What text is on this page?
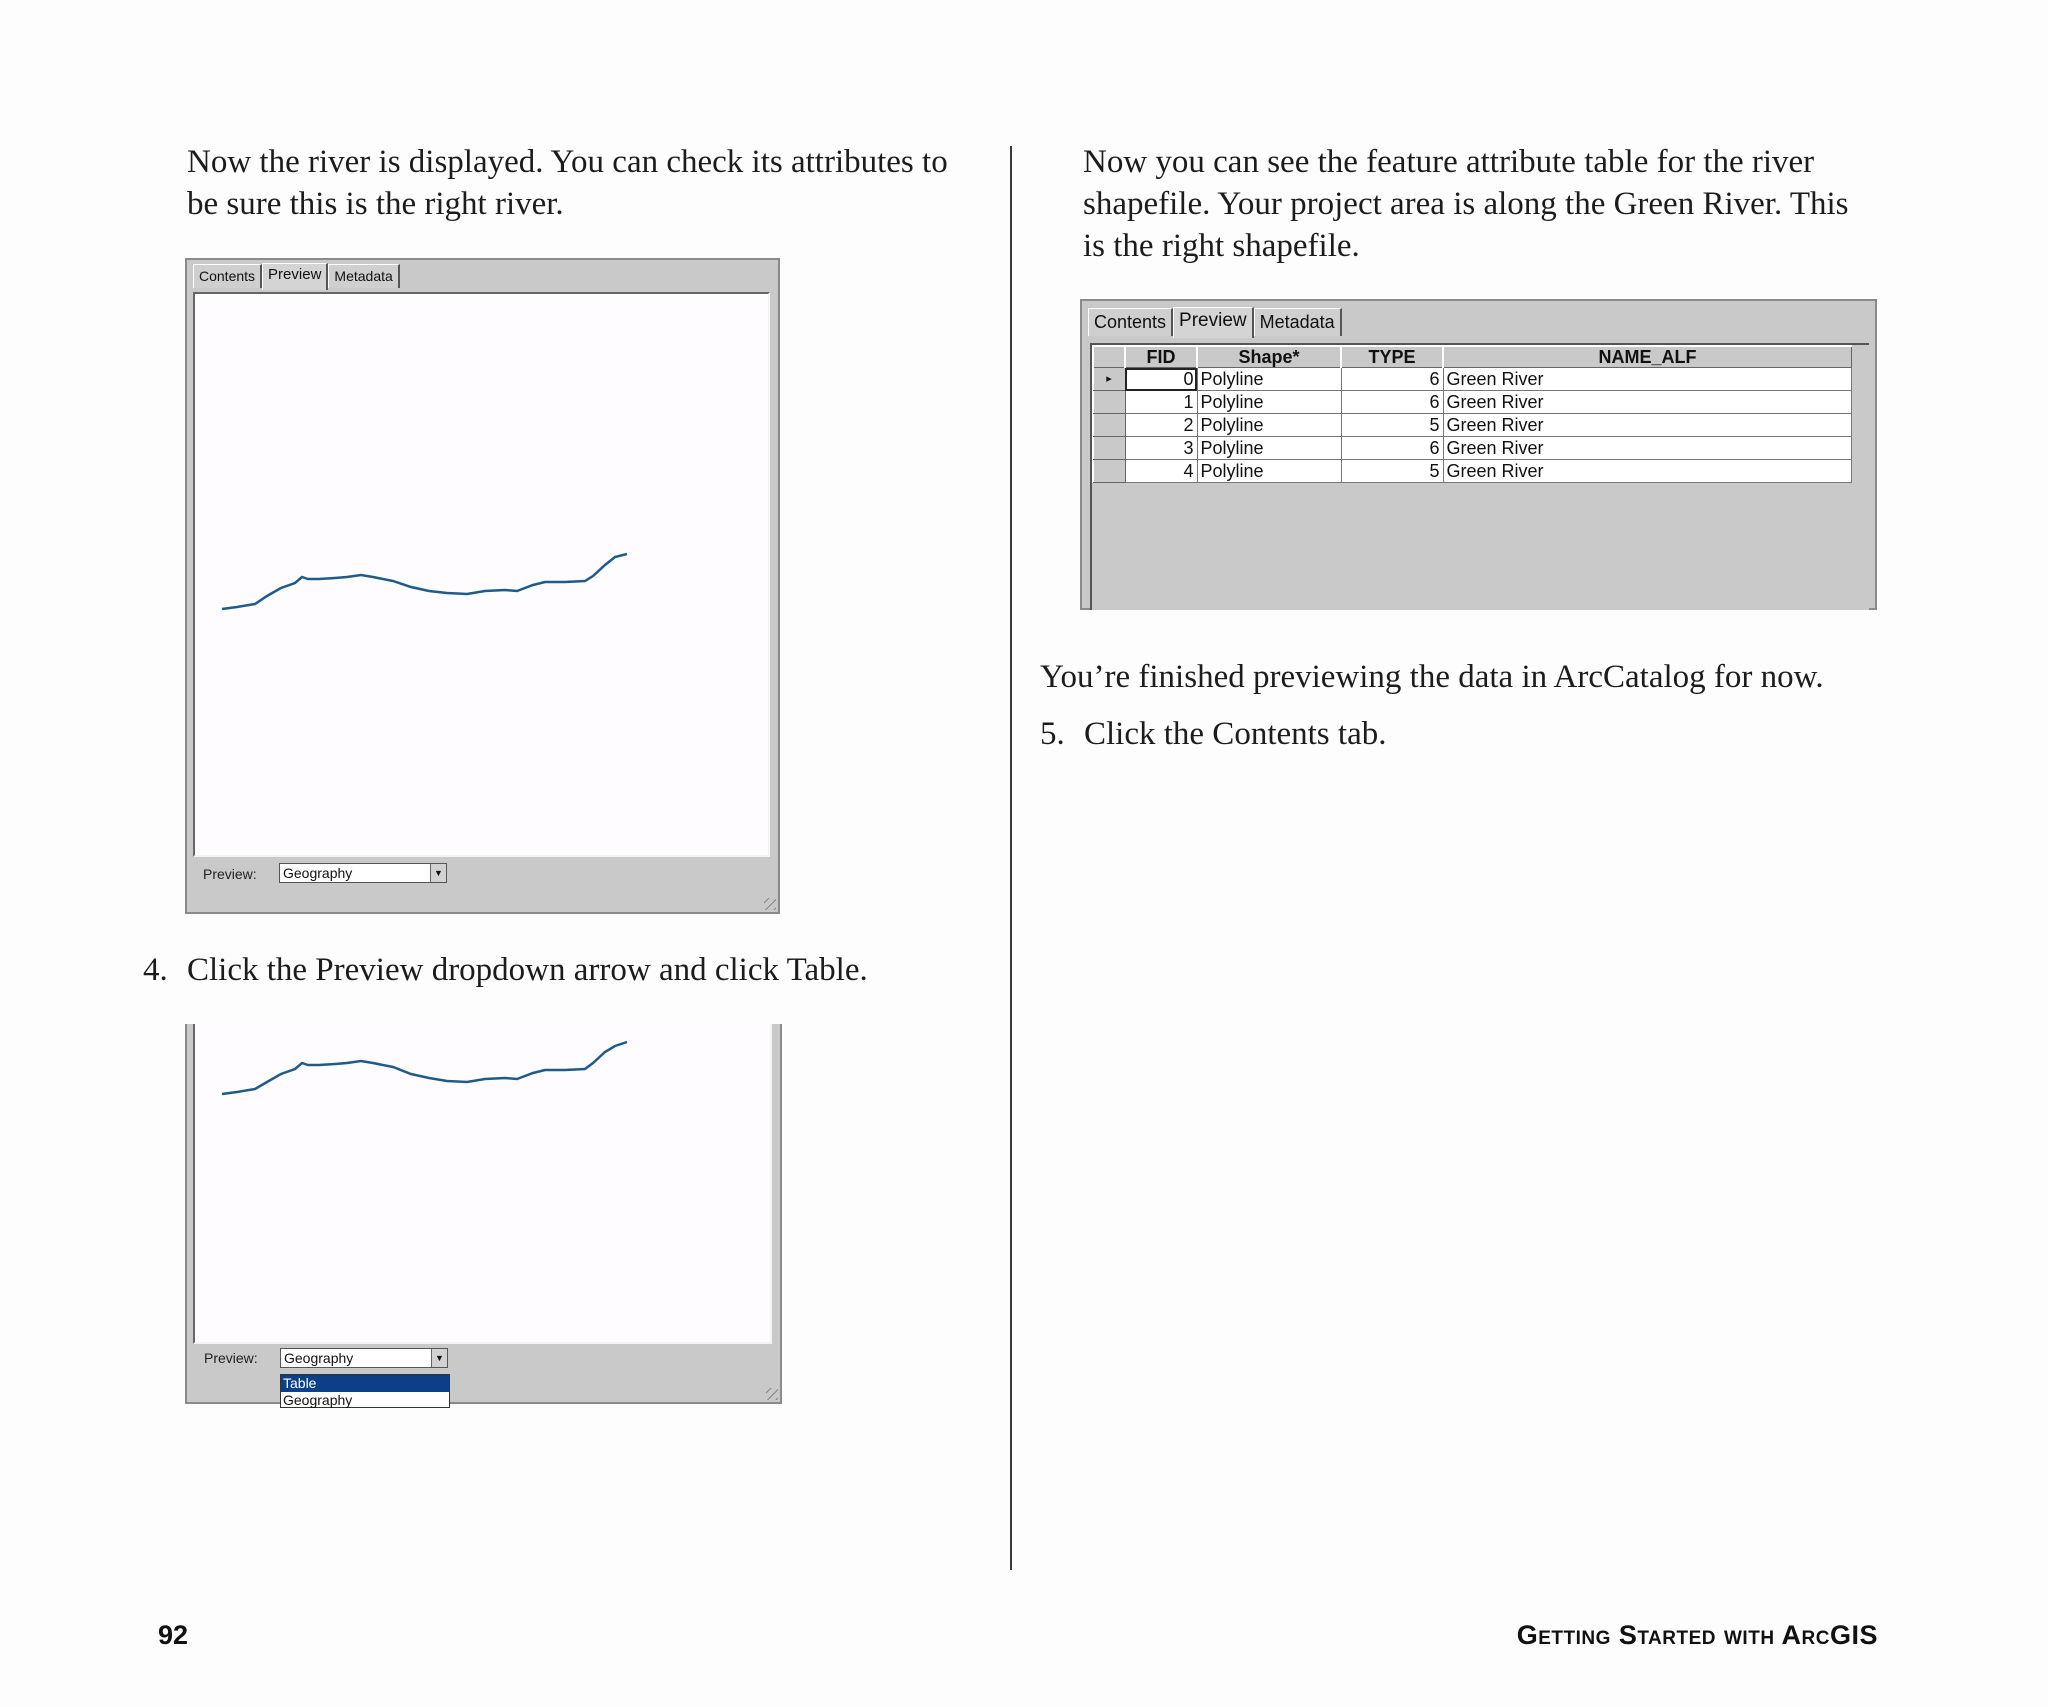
Now the river is displayed. You can check its attributes to be sure this is the right river.

Contents Preview Metadata
Preview: Geography	▼

4. Click the Preview dropdown arrow and click Table.

Preview: Geography	▼
Table
Geography

Now you can see the feature attribute table for the river shapefile. Your project area is along the Green River. This is the right shapefile.

Contents Preview Metadata
	FID	Shape*	TYPE	NAME_ALF
▸	0	Polyline	6	Green River
	1	Polyline	6	Green River
	2	Polyline	5	Green River
	3	Polyline	6	Green River
	4	Polyline	5	Green River

You’re finished previewing the data in ArcCatalog for now.

5. Click the Contents tab.

92	Getting Started with ArcGIS
